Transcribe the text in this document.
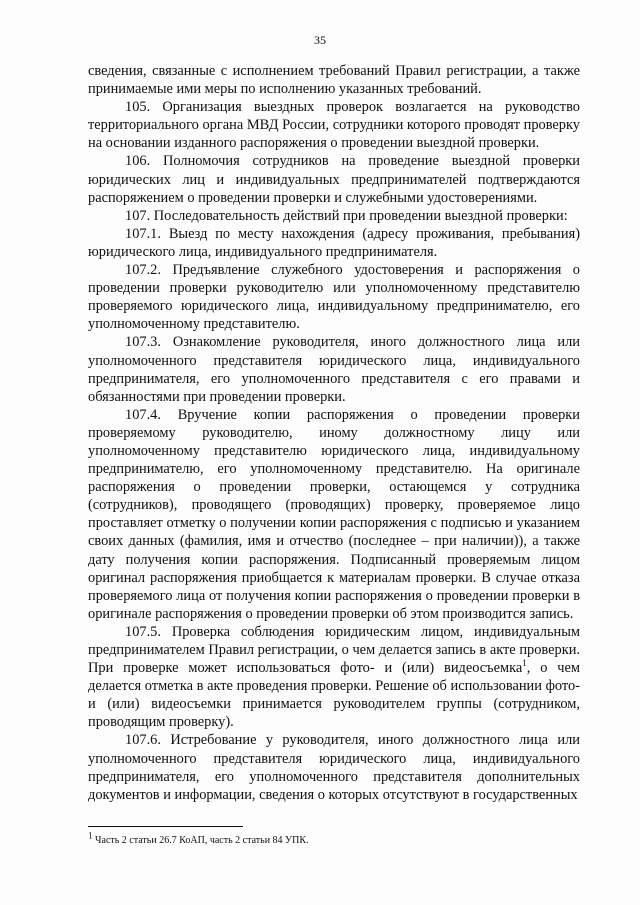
35

сведения, связанные с исполнением требований Правил регистрации, а также принимаемые ими меры по исполнению указанных требований.

105. Организация выездных проверок возлагается на руководство территориального органа МВД России, сотрудники которого проводят проверку на основании изданного распоряжения о проведении выездной проверки.

106. Полномочия сотрудников на проведение выездной проверки юридических лиц и индивидуальных предпринимателей подтверждаются распоряжением о проведении проверки и служебными удостоверениями.

107. Последовательность действий при проведении выездной проверки:

107.1. Выезд по месту нахождения (адресу проживания, пребывания) юридического лица, индивидуального предпринимателя.

107.2. Предъявление служебного удостоверения и распоряжения о проведении проверки руководителю или уполномоченному представителю проверяемого юридического лица, индивидуальному предпринимателю, его уполномоченному представителю.

107.3. Ознакомление руководителя, иного должностного лица или уполномоченного представителя юридического лица, индивидуального предпринимателя, его уполномоченного представителя с его правами и обязанностями при проведении проверки.

107.4. Вручение копии распоряжения о проведении проверки проверяемому руководителю, иному должностному лицу или уполномоченному представителю юридического лица, индивидуальному предпринимателю, его уполномоченному представителю. На оригинале распоряжения о проведении проверки, остающемся у сотрудника (сотрудников), проводящего (проводящих) проверку, проверяемое лицо проставляет отметку о получении копии распоряжения с подписью и указанием своих данных (фамилия, имя и отчество (последнее – при наличии)), а также дату получения копии распоряжения. Подписанный проверяемым лицом оригинал распоряжения приобщается к материалам проверки. В случае отказа проверяемого лица от получения копии распоряжения о проведении проверки в оригинале распоряжения о проведении проверки об этом производится запись.

107.5. Проверка соблюдения юридическим лицом, индивидуальным предпринимателем Правил регистрации, о чем делается запись в акте проверки. При проверке может использоваться фото- и (или) видеосъемка$^1$, о чем делается отметка в акте проведения проверки. Решение об использовании фото- и (или) видеосъемки принимается руководителем группы (сотрудником, проводящим проверку).

107.6. Истребование у руководителя, иного должностного лица или уполномоченного представителя юридического лица, индивидуального предпринимателя, его уполномоченного представителя дополнительных документов и информации, сведения о которых отсутствуют в государственных

$^1$ Часть 2 статьи 26.7 КоАП, часть 2 статьи 84 УПК.
